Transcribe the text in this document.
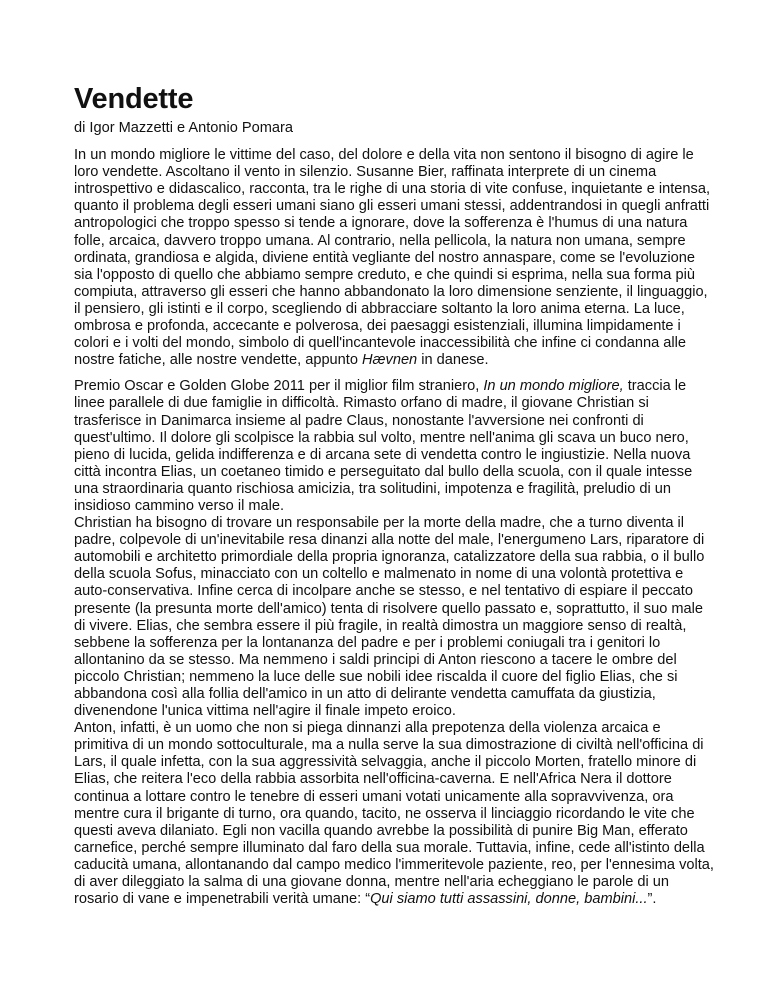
Vendette
di Igor Mazzetti e Antonio Pomara

In un mondo migliore le vittime del caso, del dolore e della vita non sentono il bisogno di agire le loro vendette. Ascoltano il vento in silenzio. Susanne Bier, raffinata interprete di un cinema introspettivo e didascalico, racconta, tra le righe di una storia di vite confuse, inquietante e intensa, quanto il problema degli esseri umani siano gli esseri umani stessi, addentrandosi in quegli anfratti antropologici che troppo spesso si tende a ignorare, dove la sofferenza è l'humus di una natura folle, arcaica, davvero troppo umana. Al contrario, nella pellicola, la natura non umana, sempre ordinata, grandiosa e algida, diviene entità vegliante del nostro annaspare, come se l'evoluzione sia l'opposto di quello che abbiamo sempre creduto, e che quindi si esprima, nella sua forma più compiuta, attraverso gli esseri che hanno abbandonato la loro dimensione senziente, il linguaggio, il pensiero, gli istinti e il corpo, scegliendo di abbracciare soltanto la loro anima eterna. La luce, ombrosa e profonda, accecante e polverosa, dei paesaggi esistenziali, illumina limpidamente i colori e i volti del mondo, simbolo di quell'incantevole inaccessibilità che infine ci condanna alle nostre fatiche, alle nostre vendette, appunto Hævnen in danese.

Premio Oscar e Golden Globe 2011 per il miglior film straniero, In un mondo migliore, traccia le linee parallele di due famiglie in difficoltà. Rimasto orfano di madre, il giovane Christian si trasferisce in Danimarca insieme al padre Claus, nonostante l'avversione nei confronti di quest'ultimo. Il dolore gli scolpisce la rabbia sul volto, mentre nell'anima gli scava un buco nero, pieno di lucida, gelida indifferenza e di arcana sete di vendetta contro le ingiustizie. Nella nuova città incontra Elias, un coetaneo timido e perseguitato dal bullo della scuola, con il quale intesse una straordinaria quanto rischiosa amicizia, tra solitudini, impotenza e fragilità, preludio di un insidioso cammino verso il male.

Christian ha bisogno di trovare un responsabile per la morte della madre, che a turno diventa il padre, colpevole di un'inevitabile resa dinanzi alla notte del male, l'energumeno Lars, riparatore di automobili e architetto primordiale della propria ignoranza, catalizzatore della sua rabbia, o il bullo della scuola Sofus, minacciato con un coltello e malmenato in nome di una volontà protettiva e auto-conservativa. Infine cerca di incolpare anche se stesso, e nel tentativo di espiare il peccato presente (la presunta morte dell'amico) tenta di risolvere quello passato e, soprattutto, il suo male di vivere. Elias, che sembra essere il più fragile, in realtà dimostra un maggiore senso di realtà, sebbene la sofferenza per la lontananza del padre e per i problemi coniugali tra i genitori lo allontanino da se stesso. Ma nemmeno i saldi principi di Anton riescono a tacere le ombre del piccolo Christian; nemmeno la luce delle sue nobili idee riscalda il cuore del figlio Elias, che si abbandona così alla follia dell'amico in un atto di delirante vendetta camuffata da giustizia, divenendone l'unica vittima nell'agire il finale impeto eroico.

Anton, infatti, è un uomo che non si piega dinnanzi alla prepotenza della violenza arcaica e primitiva di un mondo sottoculturale, ma a nulla serve la sua dimostrazione di civiltà nell'officina di Lars, il quale infetta, con la sua aggressività selvaggia, anche il piccolo Morten, fratello minore di Elias, che reitera l'eco della rabbia assorbita nell'officina-caverna. E nell'Africa Nera il dottore continua a lottare contro le tenebre di esseri umani votati unicamente alla sopravvivenza, ora mentre cura il brigante di turno, ora quando, tacito, ne osserva il linciaggio ricordando le vite che questi aveva dilaniato. Egli non vacilla quando avrebbe la possibilità di punire Big Man, efferato carnefice, perché sempre illuminato dal faro della sua morale. Tuttavia, infine, cede all'istinto della caducità umana, allontanando dal campo medico l'immeritevole paziente, reo, per l'ennesima volta, di aver dileggiato la salma di una giovane donna, mentre nell'aria echeggiano le parole di un rosario di vane e impenetrabili verità umane: “Qui siamo tutti assassini, donne, bambini...”.
